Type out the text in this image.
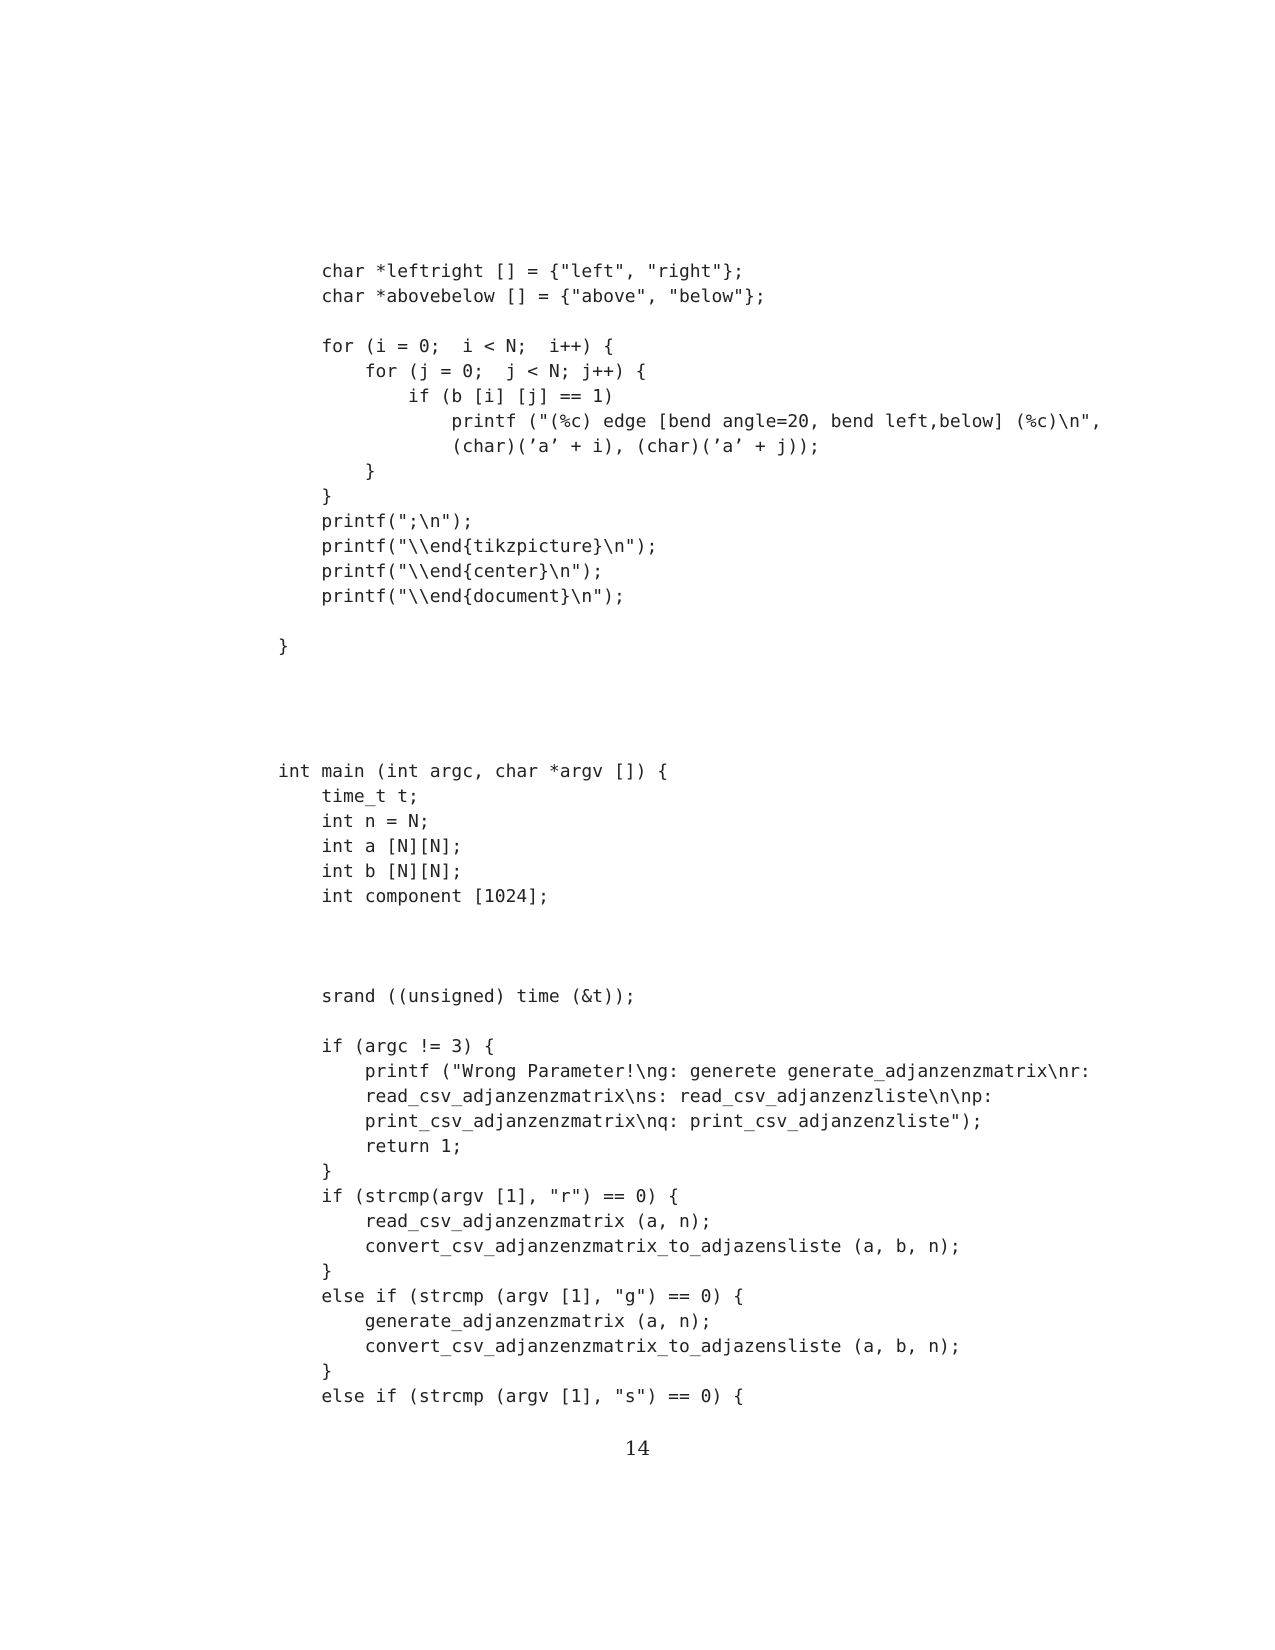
char *leftright [] = {"left", "right"};
char *abovebelow [] = {"above", "below"};
for (i = 0;  i < N;  i++) {
for (j = 0;  j < N; j++) {
if (b [i] [j] == 1)
printf ("(%c) edge [bend angle=20, bend left,below] (%c)\n",
(char)(’a’ + i), (char)(’a’ + j));
}
}
printf(";\n");
printf("\\end{tikzpicture}\n");
printf("\\end{center}\n");
printf("\\end{document}\n");
}
int main (int argc, char *argv []) {
time_t t;
int n = N;
int a [N][N];
int b [N][N];
int component [1024];
srand ((unsigned) time (&t));
if (argc != 3) {
printf ("Wrong Parameter!\ng: generete generate_adjanzenzmatrix\nr:
read_csv_adjanzenzmatrix\ns: read_csv_adjanzenzliste\n\np:
print_csv_adjanzenzmatrix\nq: print_csv_adjanzenzliste");
return 1;
}
if (strcmp(argv [1], "r") == 0) {
read_csv_adjanzenzmatrix (a, n);
convert_csv_adjanzenzmatrix_to_adjazensliste (a, b, n);
}
else if (strcmp (argv [1], "g") == 0) {
generate_adjanzenzmatrix (a, n);
convert_csv_adjanzenzmatrix_to_adjazensliste (a, b, n);
}
else if (strcmp (argv [1], "s") == 0) {
14
